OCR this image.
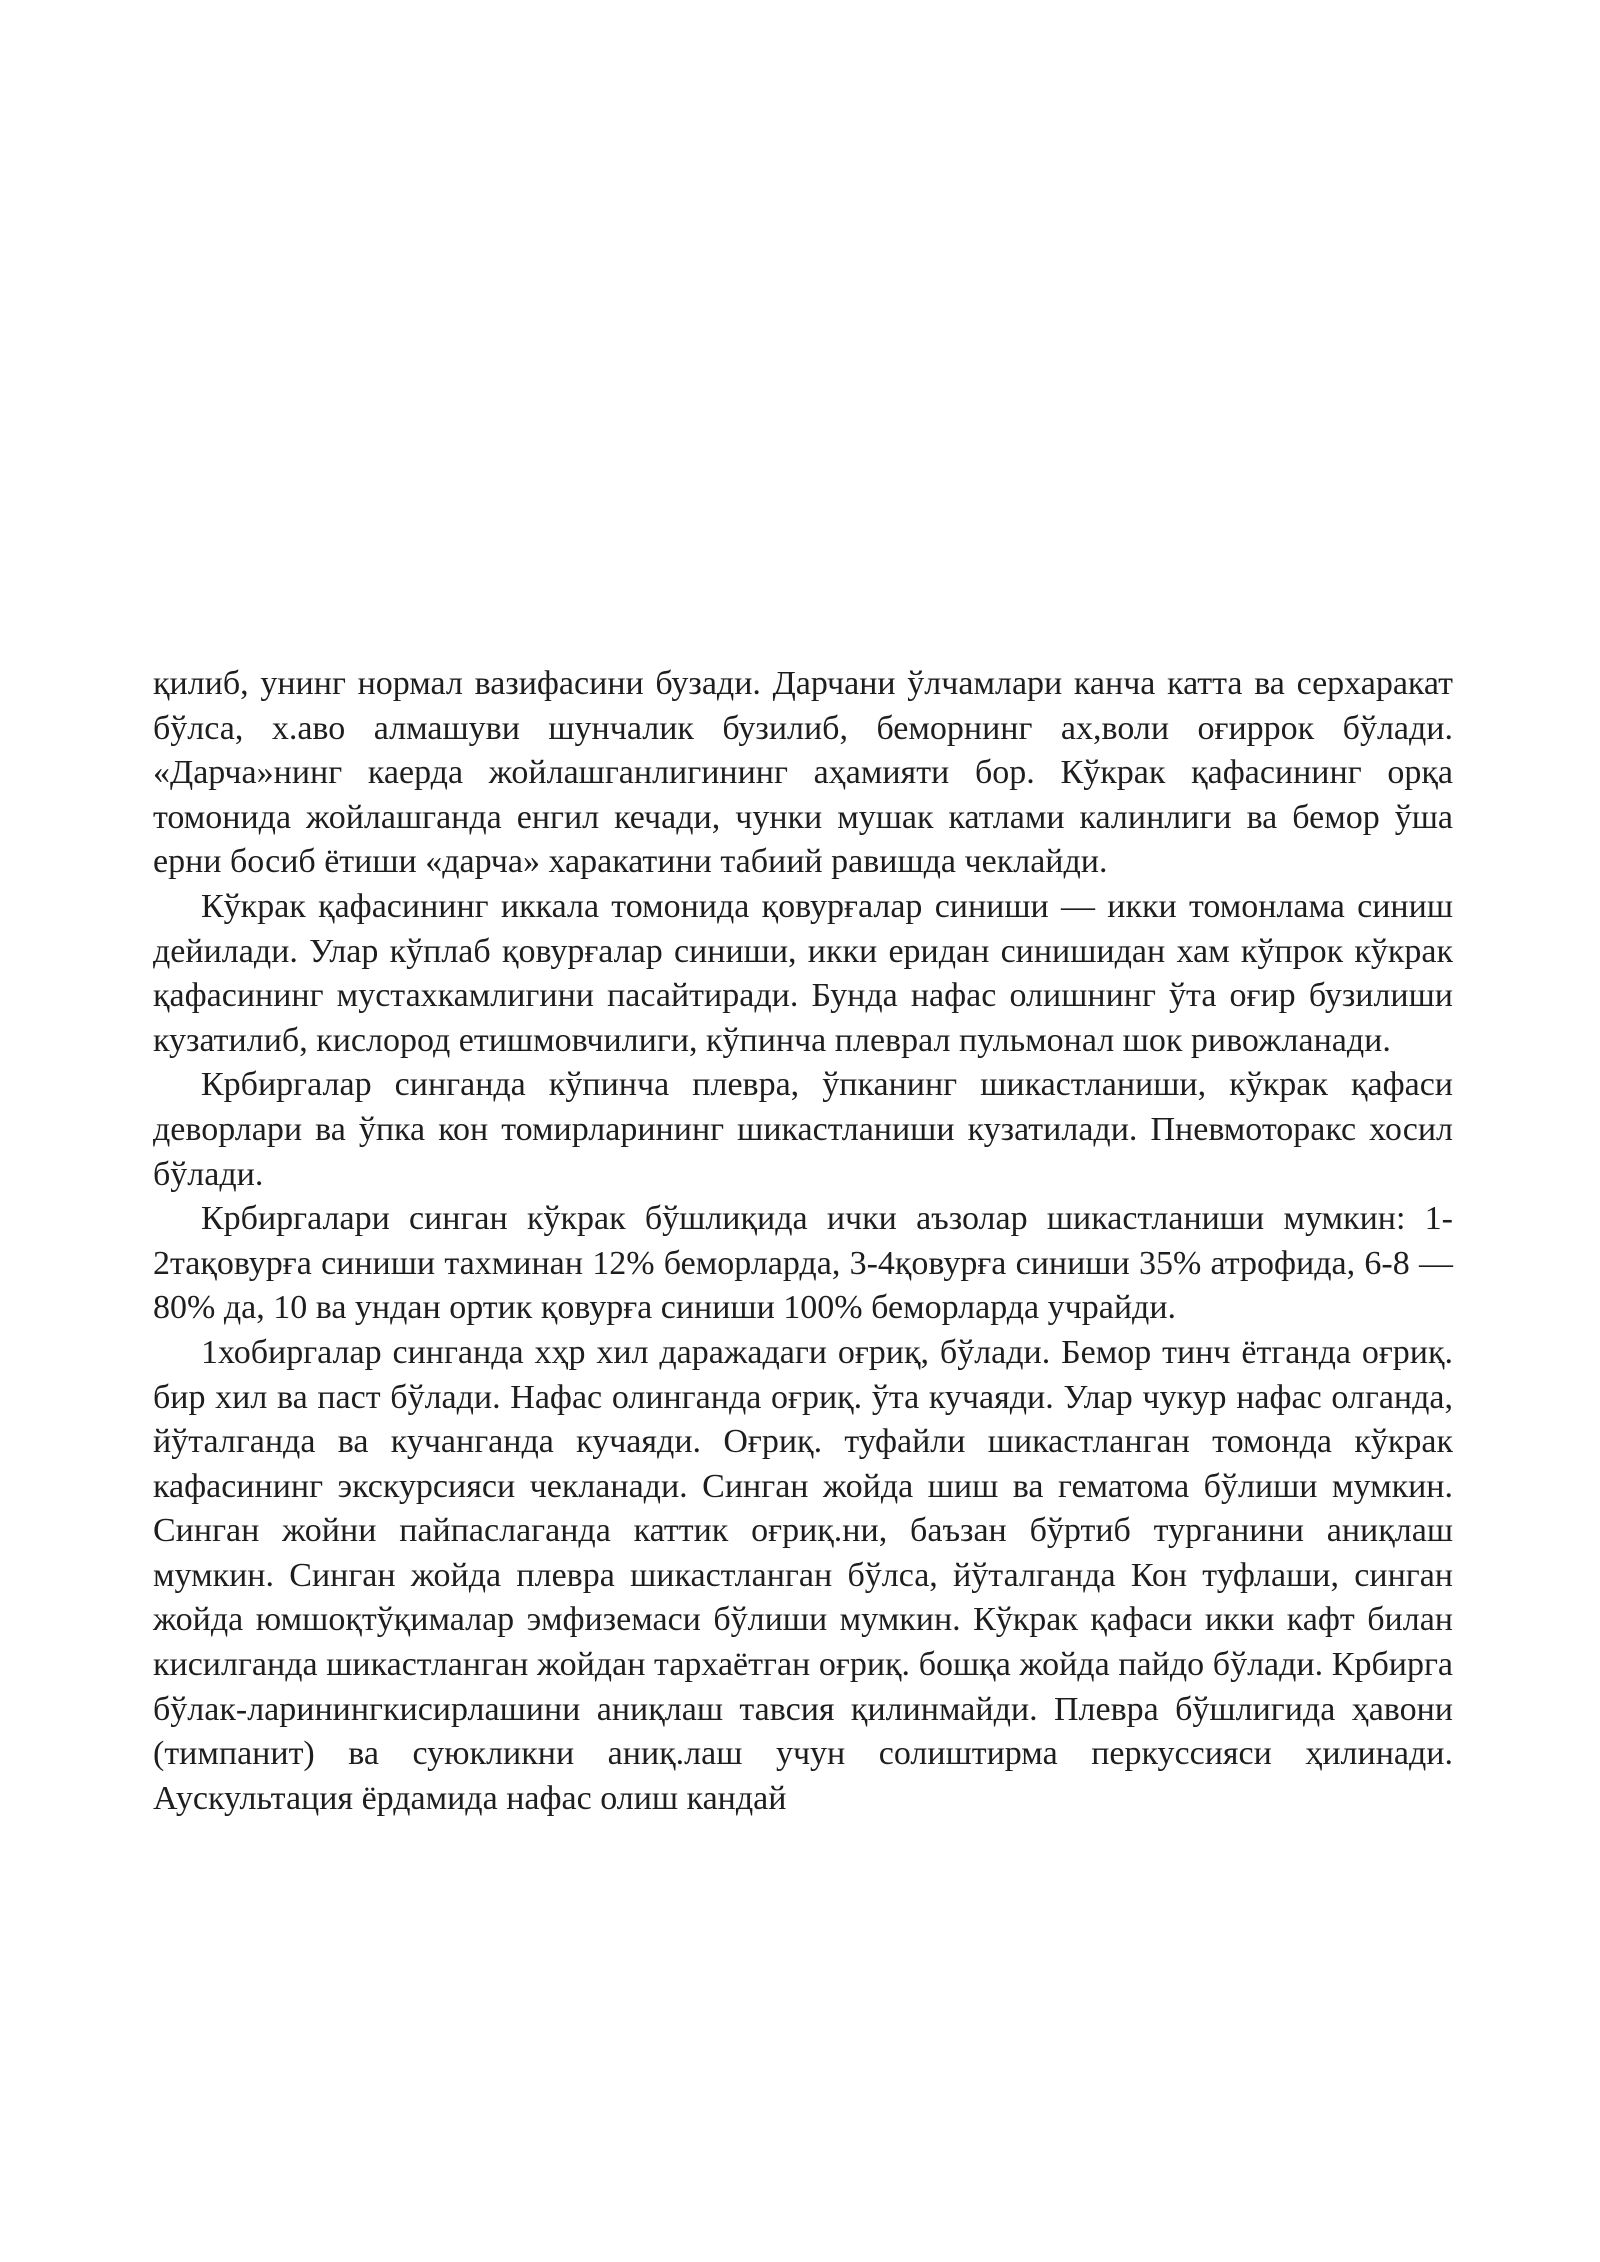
қилиб, унинг нормал вазифасини бузади. Дарчани ўлчамлари канча катта ва серхаракат бўлса, х.аво алмашуви шунчалик бузилиб, беморнинг ах,воли оғиррок бўлади. «Дарча»нинг каерда жойлашганлигининг аҳамияти бор. Кўкрак қафасининг орқа томонида жойлашганда енгил кечади, чунки мушак катлами калинлиги ва бемор ўша ерни босиб ётиши «дарча» харакатини табиий равишда чеклайди.

Кўкрак қафасининг иккала томонида қовурғалар синиши — икки томонлама синиш дейилади. Улар кўплаб қовурғалар синиши, икки еридан синишидан хам кўпрок кўкрак қафасининг мустахкамлигини пасайтиради. Бунда нафас олишнинг ўта оғир бузилиши кузатилиб, кислород етишмовчилиги, кўпинча плеврал пульмонал шок ривожланади.

Крбиргалар синганда кўпинча плевра, ўпканинг шикастланиши, кўкрак қафаси деворлари ва ўпка кон томирларининг шикастланиши кузатилади. Пневмоторакс хосил бўлади.

Крбиргалари синган кўкрак бўшлиқида ички аъзолар шикастланиши мумкин: 1-2тақовурға синиши тахминан 12% беморларда, 3-4қовурға синиши 35% атрофида, 6-8 — 80% да, 10 ва ундан ортик қовурға синиши 100% беморларда учрайди.

1хобиргалар синганда хҳр хил даражадаги оғриқ, бўлади. Бемор тинч ётганда оғриқ. бир хил ва паст бўлади. Нафас олинганда оғриқ. ўта кучаяди. Улар чукур нафас олганда, йўталганда ва кучанганда кучаяди. Оғриқ. туфайли шикастланган томонда кўкрак кафасининг экскурсияси чекланади. Синган жойда шиш ва гематома бўлиши мумкин. Синган жойни пайпаслаганда каттик оғриқ.ни, баъзан бўртиб турганини аниқлаш мумкин. Синган жойда плевра шикастланган бўлса, йўталганда Кон туфлаши, синган жойда юмшоқтўқималар эмфиземаси бўлиши мумкин. Кўкрак қафаси икки кафт билан кисилганда шикастланган жойдан тархаётган оғриқ. бошқа жойда пайдо бўлади. Крбирга бўлак-ларинингкисирлашини аниқлаш тавсия қилинмайди. Плевра бўшлигида ҳавони (тимпанит) ва суюкликни аниқ.лаш учун солиштирма перкуссияси ҳилинади. Аускультация ёрдамида нафас олиш кандай
